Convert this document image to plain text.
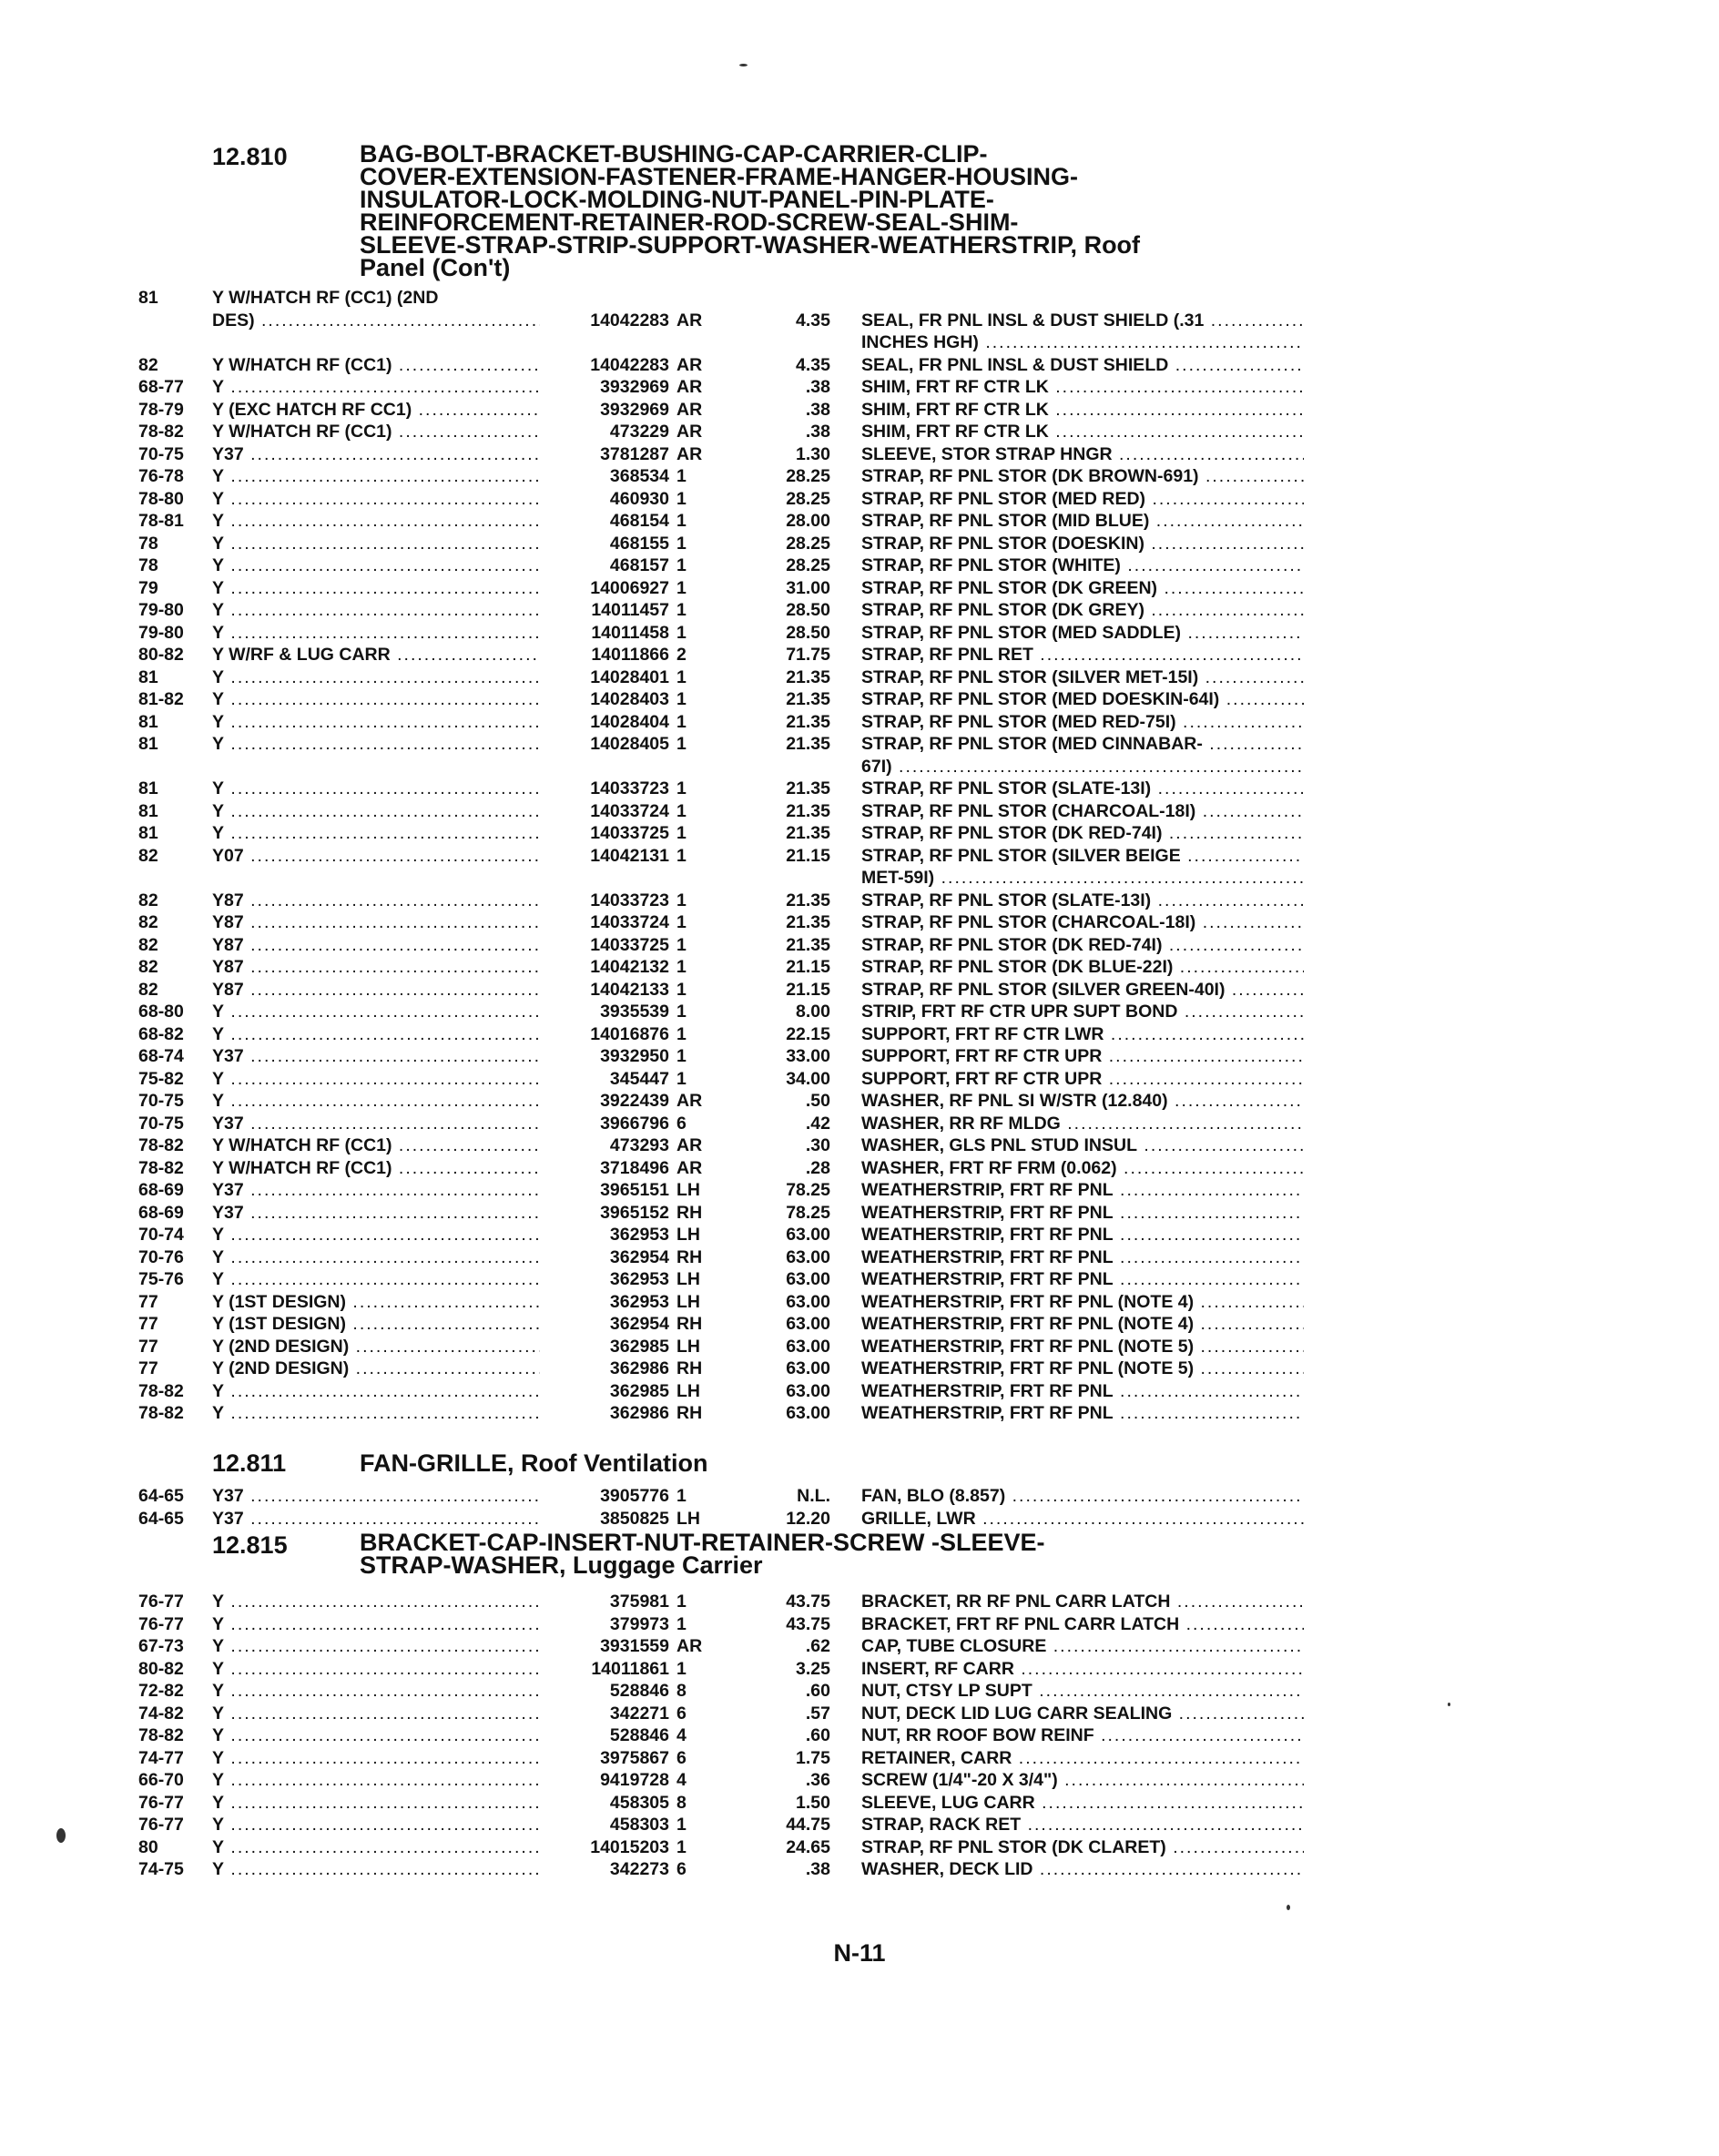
12.810	BAG-BOLT-BRACKET-BUSHING-CAP-CARRIER-CLIP-
COVER-EXTENSION-FASTENER-FRAME-HANGER-HOUSING-
INSULATOR-LOCK-MOLDING-NUT-PANEL-PIN-PLATE-
REINFORCEMENT-RETAINER-ROD-SCREW-SEAL-SHIM-
SLEEVE-STRAP-STRIP-SUPPORT-WASHER-WEATHERSTRIP, Roof
Panel (Con't)
81	Y W/HATCH RF (CC1) (2ND
DES) .....	14042283 AR	4.35 SEAL, FR PNL INSL & DUST SHIELD (.31 .....
INCHES HGH) .....
82	Y W/HATCH RF (CC1) .....	14042283 AR	4.35 SEAL, FR PNL INSL & DUST SHIELD .....
68-77	Y .....	3932969 AR	.38 SHIM, FRT RF CTR LK .....
78-79	Y (EXC HATCH RF CC1) .....	3932969 AR	.38 SHIM, FRT RF CTR LK .....
78-82	Y W/HATCH RF (CC1) .....	473229 AR	.38 SHIM, FRT RF CTR LK .....
70-75	Y37 .....	3781287 AR	1.30 SLEEVE, STOR STRAP HNGR .....
76-78	Y .....	368534 1	28.25 STRAP, RF PNL STOR (DK BROWN-691) .....
78-80	Y .....	460930 1	28.25 STRAP, RF PNL STOR (MED RED) .....
78-81	Y .....	468154 1	28.00 STRAP, RF PNL STOR (MID BLUE) .....
78	Y .....	468155 1	28.25 STRAP, RF PNL STOR (DOESKIN) .....
78	Y .....	468157 1	28.25 STRAP, RF PNL STOR (WHITE) .....
79	Y .....	14006927 1	31.00 STRAP, RF PNL STOR (DK GREEN) .....
79-80	Y .....	14011457 1	28.50 STRAP, RF PNL STOR (DK GREY) .....
79-80	Y .....	14011458 1	28.50 STRAP, RF PNL STOR (MED SADDLE) .....
80-82	Y W/RF & LUG CARR .....	14011866 2	71.75 STRAP, RF PNL RET .....
81	Y .....	14028401 1	21.35 STRAP, RF PNL STOR (SILVER MET-15I) .....
81-82	Y .....	14028403 1	21.35 STRAP, RF PNL STOR (MED DOESKIN-64I) .....
81	Y .....	14028404 1	21.35 STRAP, RF PNL STOR (MED RED-75I) .....
81	Y .....	14028405 1	21.35 STRAP, RF PNL STOR (MED CINNABAR- .....
67I) .....
81	Y .....	14033723 1	21.35 STRAP, RF PNL STOR (SLATE-13I) .....
81	Y .....	14033724 1	21.35 STRAP, RF PNL STOR (CHARCOAL-18I) .....
81	Y .....	14033725 1	21.35 STRAP, RF PNL STOR (DK RED-74I) .....
82	Y07 .....	14042131 1	21.15 STRAP, RF PNL STOR (SILVER BEIGE .....
MET-59I) .....
82	Y87 .....	14033723 1	21.35 STRAP, RF PNL STOR (SLATE-13I) .....
82	Y87 .....	14033724 1	21.35 STRAP, RF PNL STOR (CHARCOAL-18I) .....
82	Y87 .....	14033725 1	21.35 STRAP, RF PNL STOR (DK RED-74I) .....
82	Y87 .....	14042132 1	21.15 STRAP, RF PNL STOR (DK BLUE-22I) .....
82	Y87 .....	14042133 1	21.15 STRAP, RF PNL STOR (SILVER GREEN-40I) .....
68-80	Y .....	3935539 1	8.00 STRIP, FRT RF CTR UPR SUPT BOND .....
68-82	Y .....	14016876 1	22.15 SUPPORT, FRT RF CTR LWR .....
68-74	Y37 .....	3932950 1	33.00 SUPPORT, FRT RF CTR UPR .....
75-82	Y .....	345447 1	34.00 SUPPORT, FRT RF CTR UPR .....
70-75	Y .....	3922439 AR	.50 WASHER, RF PNL SI W/STR (12.840) .....
70-75	Y37 .....	3966796 6	.42 WASHER, RR RF MLDG .....
78-82	Y W/HATCH RF (CC1) .....	473293 AR	.30 WASHER, GLS PNL STUD INSUL .....
78-82	Y W/HATCH RF (CC1) .....	3718496 AR	.28 WASHER, FRT RF FRM (0.062) .....
68-69	Y37 .....	3965151 LH	78.25 WEATHERSTRIP, FRT RF PNL .....
68-69	Y37 .....	3965152 RH	78.25 WEATHERSTRIP, FRT RF PNL .....
70-74	Y .....	362953 LH	63.00 WEATHERSTRIP, FRT RF PNL .....
70-76	Y .....	362954 RH	63.00 WEATHERSTRIP, FRT RF PNL .....
75-76	Y .....	362953 LH	63.00 WEATHERSTRIP, FRT RF PNL .....
77	Y (1ST DESIGN) .....	362953 LH	63.00 WEATHERSTRIP, FRT RF PNL (NOTE 4) .....
77	Y (1ST DESIGN) .....	362954 RH	63.00 WEATHERSTRIP, FRT RF PNL (NOTE 4) .....
77	Y (2ND DESIGN) .....	362985 LH	63.00 WEATHERSTRIP, FRT RF PNL (NOTE 5) .....
77	Y (2ND DESIGN) .....	362986 RH	63.00 WEATHERSTRIP, FRT RF PNL (NOTE 5) .....
78-82	Y .....	362985 LH	63.00 WEATHERSTRIP, FRT RF PNL .....
78-82	Y .....	362986 RH	63.00 WEATHERSTRIP, FRT RF PNL .....
12.811	FAN-GRILLE, Roof Ventilation
64-65	Y37 .....	3905776 1	N.L. FAN, BLO (8.857) .....
64-65	Y37 .....	3850825 LH	12.20 GRILLE, LWR .....
12.815	BRACKET-CAP-INSERT-NUT-RETAINER-SCREW -SLEEVE-
STRAP-WASHER, Luggage Carrier
76-77	Y .....	375981 1	43.75 BRACKET, RR RF PNL CARR LATCH .....
76-77	Y .....	379973 1	43.75 BRACKET, FRT RF PNL CARR LATCH .....
67-73	Y .....	3931559 AR	.62 CAP, TUBE CLOSURE .....
80-82	Y .....	14011861 1	3.25 INSERT, RF CARR .....
72-82	Y .....	528846 8	.60 NUT, CTSY LP SUPT .....
74-82	Y .....	342271 6	.57 NUT, DECK LID LUG CARR SEALING .....
78-82	Y .....	528846 4	.60 NUT, RR ROOF BOW REINF .....
74-77	Y .....	3975867 6	1.75 RETAINER, CARR .....
66-70	Y .....	9419728 4	.36 SCREW (1/4"-20 X 3/4") .....
76-77	Y .....	458305 8	1.50 SLEEVE, LUG CARR .....
76-77	Y .....	458303 1	44.75 STRAP, RACK RET .....
80	Y .....	14015203 1	24.65 STRAP, RF PNL STOR (DK CLARET) .....
74-75	Y .....	342273 6	.38 WASHER, DECK LID .....
N-11
